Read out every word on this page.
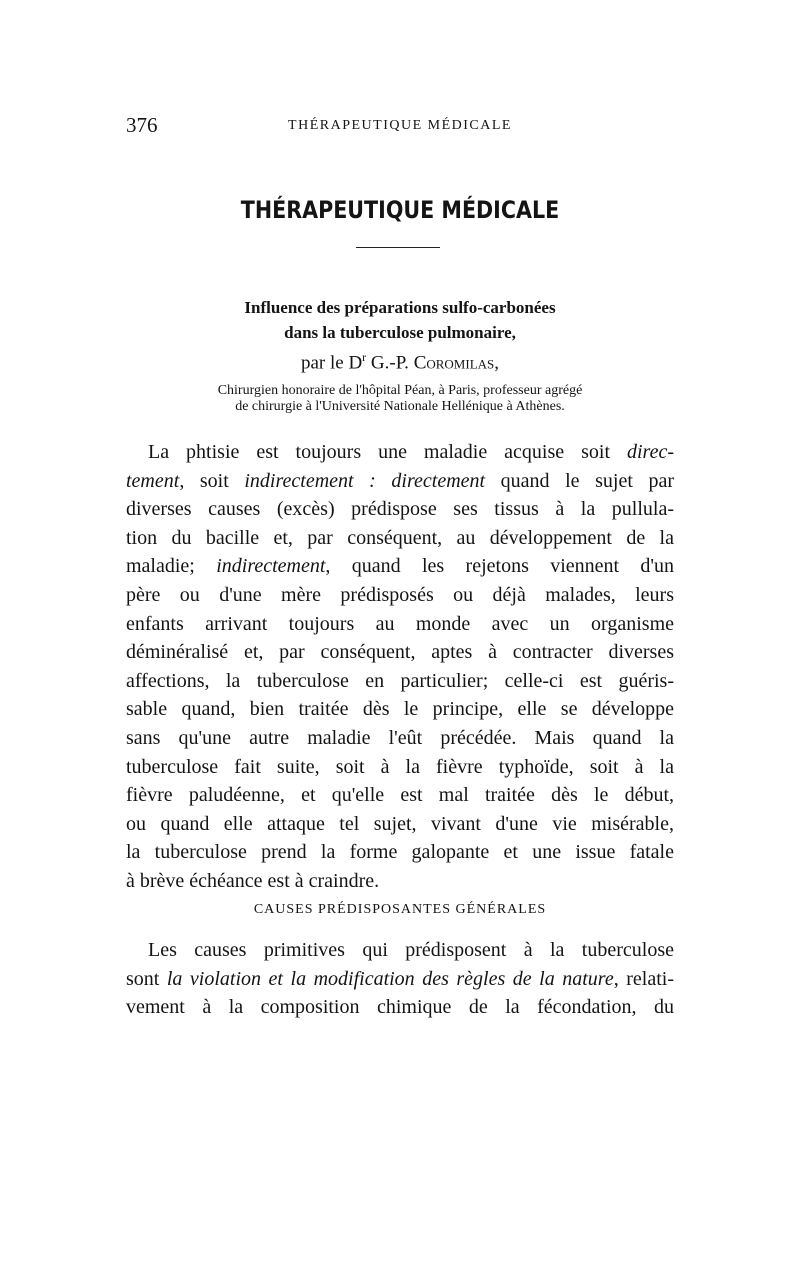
376	THÉRAPEUTIQUE MÉDICALE
THÉRAPEUTIQUE MÉDICALE
Influence des préparations sulfo-carbonées
dans la tuberculose pulmonaire,
par le $D^r$ G.-P. Coromilas,
Chirurgien honoraire de l'hôpital Péan, à Paris, professeur agrégé
de chirurgie à l'Université Nationale Hellénique à Athènes.
La phtisie est toujours une maladie acquise soit direc-
tement, soit indirectement : directement quand le sujet par
diverses causes (excès) prédispose ses tissus à la pullula-
tion du bacille et, par conséquent, au développement de la
maladie; indirectement, quand les rejetons viennent d'un
père ou d'une mère prédisposés ou déjà malades, leurs
enfants arrivant toujours au monde avec un organisme
déminéralisé et, par conséquent, aptes à contracter diverses
affections, la tuberculose en particulier; celle-ci est guéris-
sable quand, bien traitée dès le principe, elle se développe
sans qu'une autre maladie l'eût précédée. Mais quand la
tuberculose fait suite, soit à la fièvre typhoïde, soit à la
fièvre paludéenne, et qu'elle est mal traitée dès le début,
ou quand elle attaque tel sujet, vivant d'une vie misérable,
la tuberculose prend la forme galopante et une issue fatale
à brève échéance est à craindre.
CAUSES PRÉDISPOSANTES GÉNÉRALES
Les causes primitives qui prédisposent à la tuberculose
sont la violation et la modification des règles de la nature, relati-
vement à la composition chimique de la fécondation, du
